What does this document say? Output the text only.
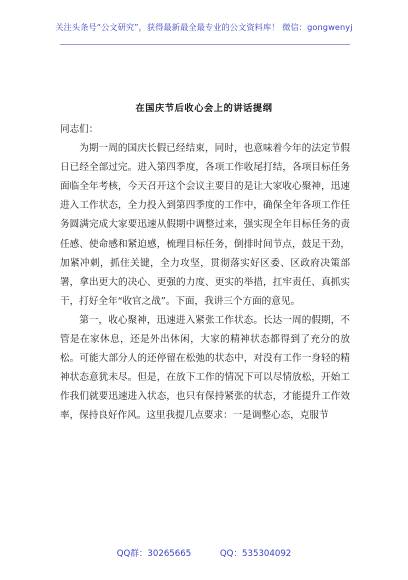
关注头条号“公文研究”，获得最新最全最专业的公文资料库！ 微信：gongwenyj
在国庆节后收心会上的讲话提纲

同志们：

为期一周的国庆长假已经结束，同时，也意味着今年的法定节假日已经全部过完。进入第四季度，各项工作收尾打结，各项目标任务面临全年考核，今天召开这个会议主要目的是让大家收心聚神，迅速进入工作状态，全力投入到第四季度的工作中，确保全年各项工作任务圆满完成大家要迅速从假期中调整过来，强实现全年目标任务的责任感、使命感和紧迫感，梳理目标任务，倒排时间节点，鼓足干劲，加紧冲刺，抓住关键，全力攻坚，贯彻落实好区委、区政府决策部署，拿出更大的决心、更强的力度、更实的举措，扛牢责任、真抓实干，打好全年“收官之战”。下面，我讲三个方面的意见。

第一，收心聚神，迅速进入紧张工作状态。长达一周的假期，不管是在家休息，还是外出休闲，大家的精神状态都得到了充分的放松。可能大部分人的还停留在松弛的状态中，对没有工作一身轻的精神状态意犹未尽。但是，在放下工作的情况下可以尽情放松，开始工作我们就要迅速进入状态，也只有保持紧张的状态，才能提升工作效率，保持良好作风。这里我提几点要求：一是调整心态，克服节

QQ群：30265665	QQ：535304092
